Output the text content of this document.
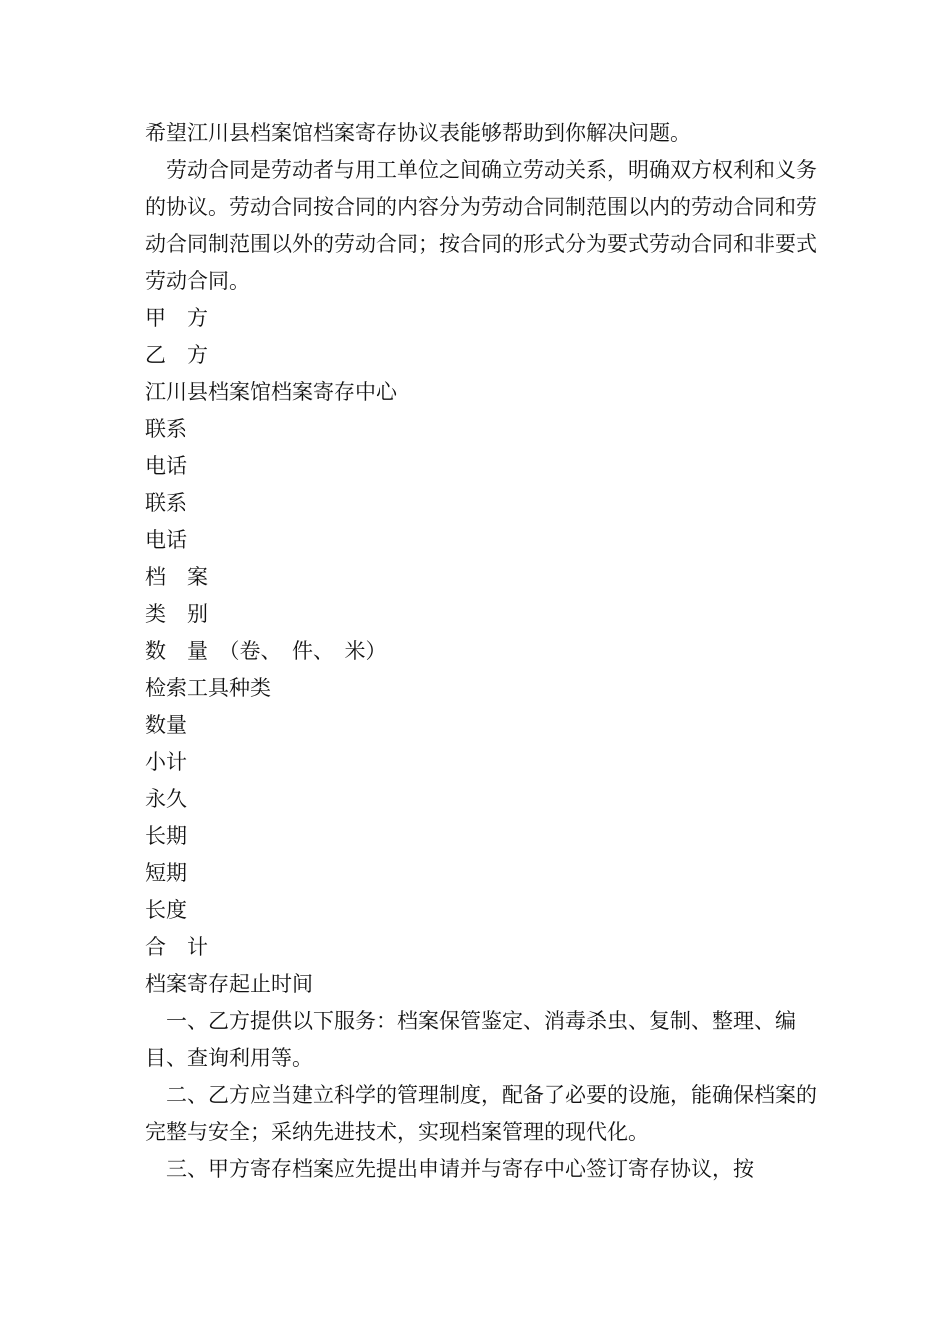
希望江川县档案馆档案寄存协议表能够帮助到你解决问题。

劳动合同是劳动者与用工单位之间确立劳动关系，明确双方权利和义务的协议。劳动合同按合同的内容分为劳动合同制范围以内的劳动合同和劳动合同制范围以外的劳动合同；按合同的形式分为要式劳动合同和非要式劳动合同。

甲　方

乙　方

江川县档案馆档案寄存中心

联系

电话

联系

电话

档　案

类　别

数　量　（卷、　件、　米）

检索工具种类

数量

小计

永久

长期

短期

长度

合　计

档案寄存起止时间

一、乙方提供以下服务：档案保管鉴定、消毒杀虫、复制、整理、编目、查询利用等。

二、乙方应当建立科学的管理制度，配备了必要的设施，能确保档案的完整与安全；采纳先进技术，实现档案管理的现代化。

三、甲方寄存档案应先提出申请并与寄存中心签订寄存协议，按
